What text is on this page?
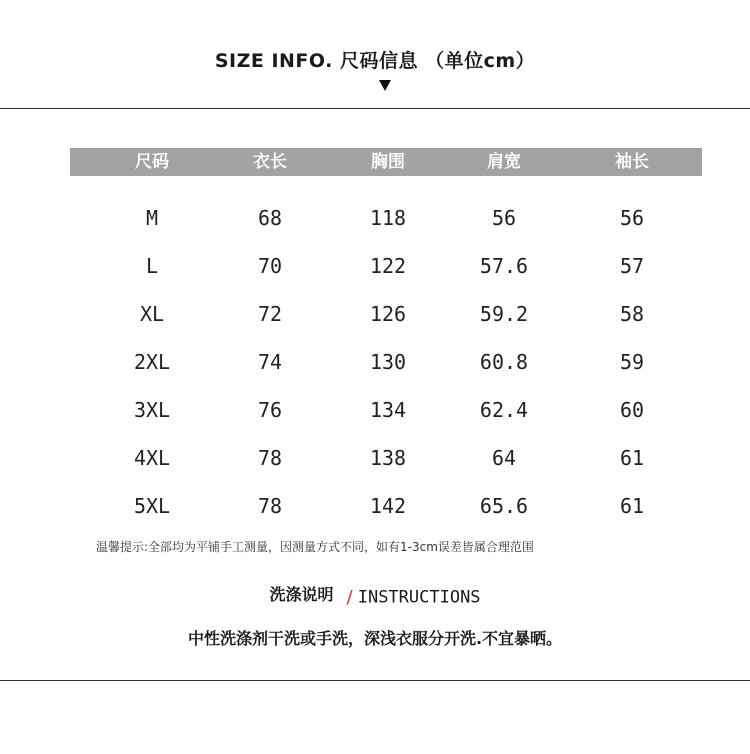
SIZE INFO. 尺码信息 （单位cm）
尺码	衣长	胸围	肩宽	袖长
M	68	118	56	56
L	70	122	57.6	57
XL	72	126	59.2	58
2XL	74	130	60.8	59
3XL	76	134	62.4	60
4XL	78	138	64	61
5XL	78	142	65.6	61
温馨提示:全部均为平铺手工测量，因测量方式不同，如有1-3cm误差皆属合理范围
洗涤说明 / INSTRUCTIONS
中性洗涤剂干洗或手洗，深浅衣服分开洗.不宜暴晒。
